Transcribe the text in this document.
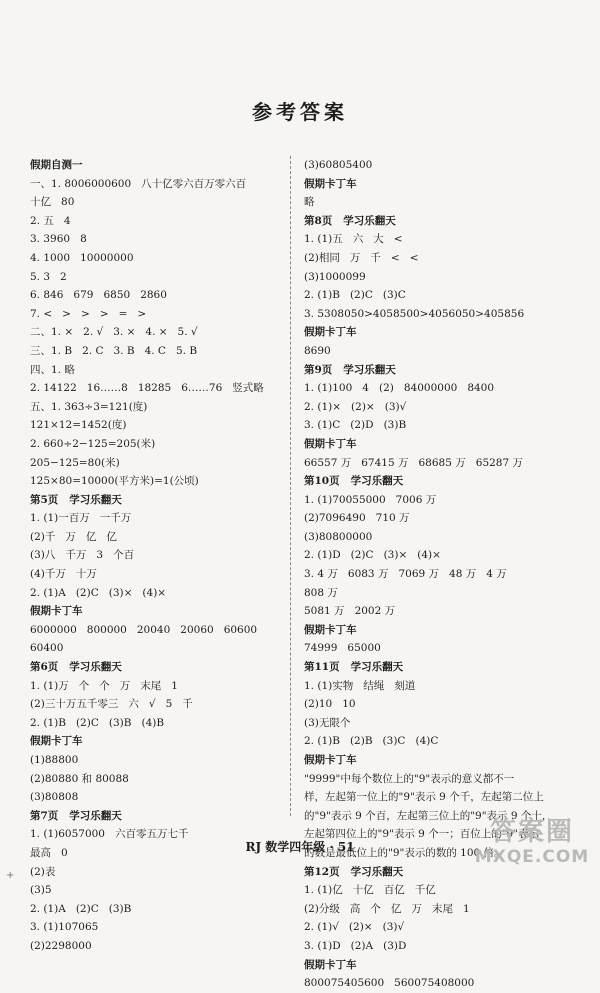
参考答案
假期自测一
一、1. 8006000600   八十亿零六百万零六百
十亿   80
2. 五   4
3. 3960   8
4. 1000   10000000
5. 3   2
6. 846   679   6850   2860
7. <   >   >   >   =   >
二、1. ×   2. √   3. ×   4. ×   5. √
三、1. B   2. C   3. B   4. C   5. B
四、1. 略
2. 14122   16……8   18285   6……76   竖式略
五、1. 363÷3=121(度)
121×12=1452(度)
2. 660÷2−125=205(米)
205−125=80(米)
125×80=10000(平方米)=1(公顷)
第5页   学习乐翻天
1. (1)一百万   一千万
(2)千   万   亿   亿
(3)八   千万   3   个百
(4)千万   十万
2. (1)A   (2)C   (3)×   (4)×
假期卡丁车
6000000   800000   20040   20060   60600
60400
第6页   学习乐翻天
1. (1)万   个   个   万   末尾   1
(2)三十万五千零三   六   √   5   千
2. (1)B   (2)C   (3)B   (4)B
假期卡丁车
(1)88800
(2)80880 和 80088
(3)80808
第7页   学习乐翻天
1. (1)6057000   六百零五万七千
最高   0
(2)表
(3)5
2. (1)A   (2)C   (3)B
3. (1)107065
(2)2298000
(3)60805400
假期卡丁车
略
第8页   学习乐翻天
1. (1)五   六   大   <
(2)相同   万   千   <   <
(3)1000099
2. (1)B   (2)C   (3)C
3. 5308050>4058500>4056050>405856
假期卡丁车
8690
第9页   学习乐翻天
1. (1)100   4   (2)   84000000   8400
2. (1)×   (2)×   (3)√
3. (1)C   (2)D   (3)B
假期卡丁车
66557 万   67415 万   68685 万   65287 万
第10页   学习乐翻天
1. (1)70055000   7006 万
(2)7096490   710 万
(3)80800000
2. (1)D   (2)C   (3)×   (4)×
3. 4 万   6083 万   7069 万   48 万   4 万
808 万
5081 万   2002 万
假期卡丁车
74999   65000
第11页   学习乐翻天
1. (1)实物   结绳   刻道
(2)10   10
(3)无限个
2. (1)B   (2)B   (3)C   (4)C
假期卡丁车
"9999"中每个数位上的"9"表示的意义都不一
样，左起第一位上的"9"表示 9 个千，左起第二位上
的"9"表示 9 个百，左起第三位上的"9"表示 9 个十，
左起第四位上的"9"表示 9 个一；百位上的"9"表示
的数是最低位上的"9"表示的数的 100 倍。
第12页   学习乐翻天
1. (1)亿   十亿   百亿   千亿
(2)分级   高   个   亿   万   末尾   1
2. (1)√   (2)×   (3)√
3. (1)D   (2)A   (3)D
假期卡丁车
800075405600   560075408000
RJ 数学四年级 · 51
+
答案圈
MXQE.COM
